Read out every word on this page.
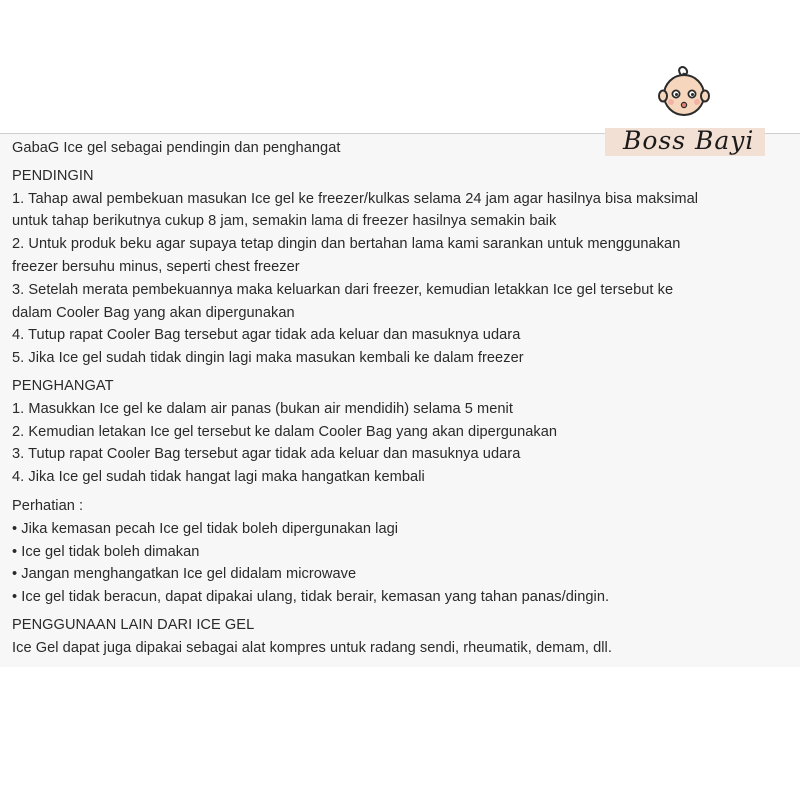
GabaG Ice gel sebagai pendingin dan penghangat

PENDINGIN

1. Tahap awal pembekuan masukan Ice gel ke freezer/kulkas selama 24 jam agar hasilnya bisa maksimal

untuk tahap berikutnya cukup 8 jam, semakin lama di freezer hasilnya semakin baik

2. Untuk produk beku agar supaya tetap dingin dan bertahan lama kami sarankan untuk menggunakan

freezer bersuhu minus, seperti chest freezer

3. Setelah merata pembekuannya maka keluarkan dari freezer, kemudian letakkan Ice gel tersebut ke

dalam Cooler Bag yang akan dipergunakan

4. Tutup rapat Cooler Bag tersebut agar tidak ada keluar dan masuknya udara

5. Jika Ice gel sudah tidak dingin lagi maka masukan kembali ke dalam freezer

PENGHANGAT

1. Masukkan Ice gel ke dalam air panas (bukan air mendidih) selama 5 menit

2. Kemudian letakan Ice gel tersebut ke dalam Cooler Bag yang akan dipergunakan

3. Tutup rapat Cooler Bag tersebut agar tidak ada keluar dan masuknya udara

4. Jika Ice gel sudah tidak hangat lagi maka hangatkan kembali

Perhatian :

• Jika kemasan pecah Ice gel tidak boleh dipergunakan lagi

• Ice gel tidak boleh dimakan

• Jangan menghangatkan Ice gel didalam microwave

• Ice gel tidak beracun, dapat dipakai ulang, tidak berair, kemasan yang tahan panas/dingin.

PENGGUNAAN LAIN DARI ICE GEL

Ice Gel dapat juga dipakai sebagai alat kompres untuk radang sendi, rheumatik, demam, dll.

Boss Bayi
